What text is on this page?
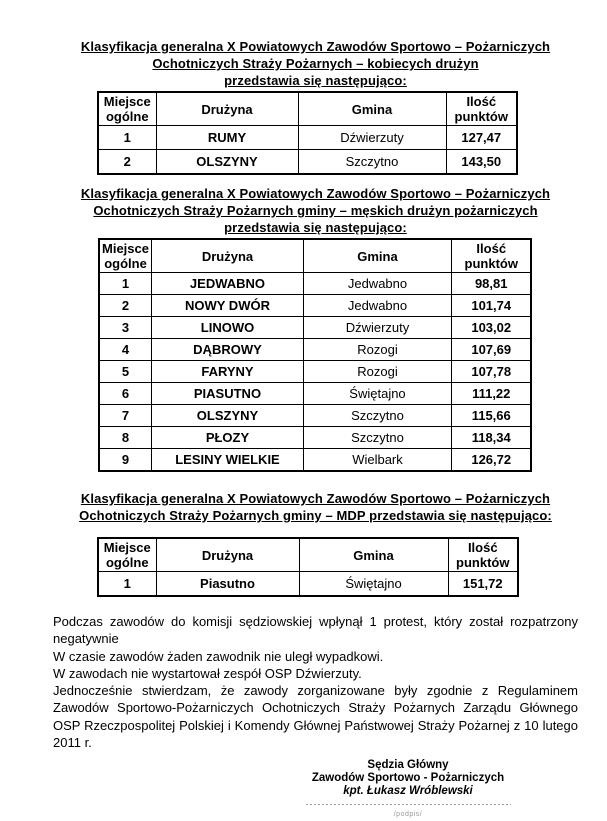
Klasyfikacja generalna X Powiatowych Zawodów Sportowo – Pożarniczych
Ochotniczych Straży Pożarnych – kobiecych drużyn
przedstawia się następująco:
Miejsce ogólne	Drużyna	Gmina	Ilość punktów
1	RUMY	Dźwierzuty	127,47
2	OLSZYNY	Szczytno	143,50
Klasyfikacja generalna X Powiatowych Zawodów Sportowo – Pożarniczych
Ochotniczych Straży Pożarnych gminy – męskich drużyn pożarniczych
przedstawia się następująco:
Miejsce ogólne	Drużyna	Gmina	Ilość punktów
1	JEDWABNO	Jedwabno	98,81
2	NOWY DWÓR	Jedwabno	101,74
3	LINOWO	Dźwierzuty	103,02
4	DĄBROWY	Rozogi	107,69
5	FARYNY	Rozogi	107,78
6	PIASUTNO	Świętajno	111,22
7	OLSZYNY	Szczytno	115,66
8	PŁOZY	Szczytno	118,34
9	LESINY WIELKIE	Wielbark	126,72
Klasyfikacja generalna X Powiatowych Zawodów Sportowo – Pożarniczych
Ochotniczych Straży Pożarnych gminy – MDP przedstawia się następująco:
Miejsce ogólne	Drużyna	Gmina	Ilość punktów
1	Piasutno	Świętajno	151,72

Podczas zawodów do komisji sędziowskiej wpłynął 1 protest, który został rozpatrzony negatywnie

W czasie zawodów żaden zawodnik nie uległ wypadkowi.

W zawodach nie wystartował zespół OSP Dźwierzuty.

Jednocześnie stwierdzam, że zawody zorganizowane były zgodnie z Regulaminem Zawodów Sportowo-Pożarniczych Ochotniczych Straży Pożarnych Zarządu Głównego OSP Rzeczpospolitej Polskiej i Komendy Głównej Państwowej Straży Pożarnej z 10 lutego 2011 r.

Sędzia Główny
Zawodów Sportowo - Pożarniczych
kpt. Łukasz Wróblewski
/podpis/
